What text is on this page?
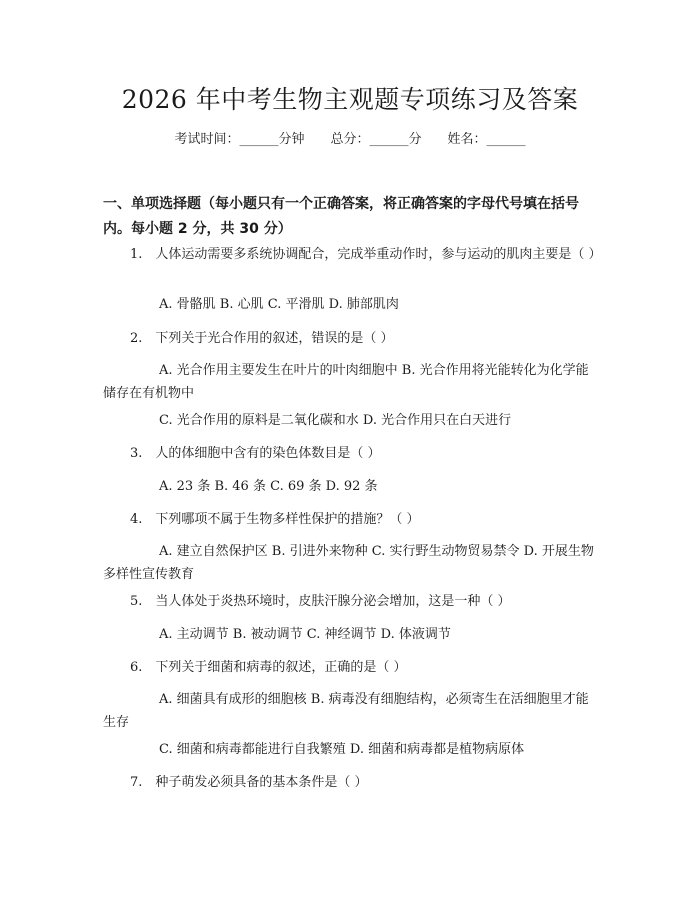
2026 年中考生物主观题专项练习及答案
考试时间：______分钟 总分：______分 姓名：______
一、单项选择题（每小题只有一个正确答案，将正确答案的字母代号填在括号内。每小题 2 分，共 30 分）
1.　人体运动需要多系统协调配合，完成举重动作时，参与运动的肌肉主要是（ ）
A. 骨骼肌 B. 心肌 C. 平滑肌 D. 肺部肌肉
2.　下列关于光合作用的叙述，错误的是（ ）
A. 光合作用主要发生在叶片的叶肉细胞中 B. 光合作用将光能转化为化学能储存在有机物中
C. 光合作用的原料是二氧化碳和水 D. 光合作用只在白天进行
3.　人的体细胞中含有的染色体数目是（ ）
A. 23 条 B. 46 条 C. 69 条 D. 92 条
4.　下列哪项不属于生物多样性保护的措施？（ ）
A. 建立自然保护区 B. 引进外来物种 C. 实行野生动物贸易禁令 D. 开展生物多样性宣传教育
5.　当人体处于炎热环境时，皮肤汗腺分泌会增加，这是一种（ ）
A. 主动调节 B. 被动调节 C. 神经调节 D. 体液调节
6.　下列关于细菌和病毒的叙述，正确的是（ ）
A. 细菌具有成形的细胞核 B. 病毒没有细胞结构，必须寄生在活细胞里才能生存
C. 细菌和病毒都能进行自我繁殖 D. 细菌和病毒都是植物病原体
7.　种子萌发必须具备的基本条件是（ ）
